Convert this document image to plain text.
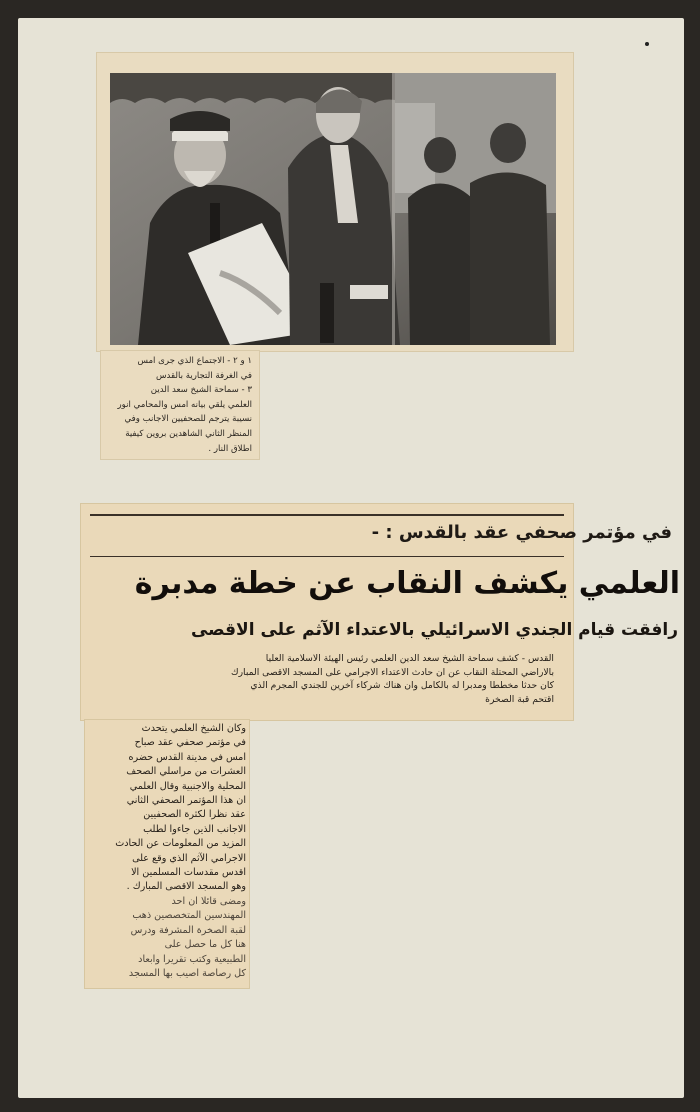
١ و ٢ - الاجتماع الذي جرى امس
في الغرفة التجارية بالقدس
٣ - سماحة الشيخ سعد الدين
العلمي يلقي بيانه امس والمحامي انور
نسيبة يترجم للصحفيين الاجانب وفي
المنظر الثاني الشاهدين بروين كيفية
اطلاق النار .
في مؤتمر صحفي عقد بالقدس : -
العلمي يكشف النقاب عن خطة مدبرة
رافقت قيام الجندي الاسرائيلي بالاعتداء الآثم على الاقصى
القدس - كشف سماحة الشيخ سعد الدين العلمي رئيس الهيئة الاسلامية العليا
بالاراضي المحتلة النقاب عن ان حادث الاعتداء الاجرامي على المسجد الاقصى المبارك
كان حدثا مخططا ومدبرا له بالكامل وان هناك شركاء آخرين للجندي المجرم الذي
اقتحم قبة الصخرة
وكان الشيخ العلمي يتحدث
في مؤتمر صحفي عقد صباح
امس في مدينة القدس حضره
العشرات من مراسلي الصحف
المحلية والاجنبية وقال العلمي
ان هذا المؤتمر الصحفي الثاني
عقد نظرا لكثرة الصحفيين
الاجانب الذين جاءوا لطلب
المزيد من المعلومات عن الحادث
الاجرامي الآثم الذي وقع على
اقدس مقدسات المسلمين الا
وهو المسجد الاقصى المبارك .
ومضى قائلا ان احد
المهندسين المتخصصين ذهب
لقبة الصخرة المشرفة ودرس
هنا كل ما حصل على
الطبيعية وكتب تقريرا وابعاد
كل رصاصة اصيب بها المسجد
